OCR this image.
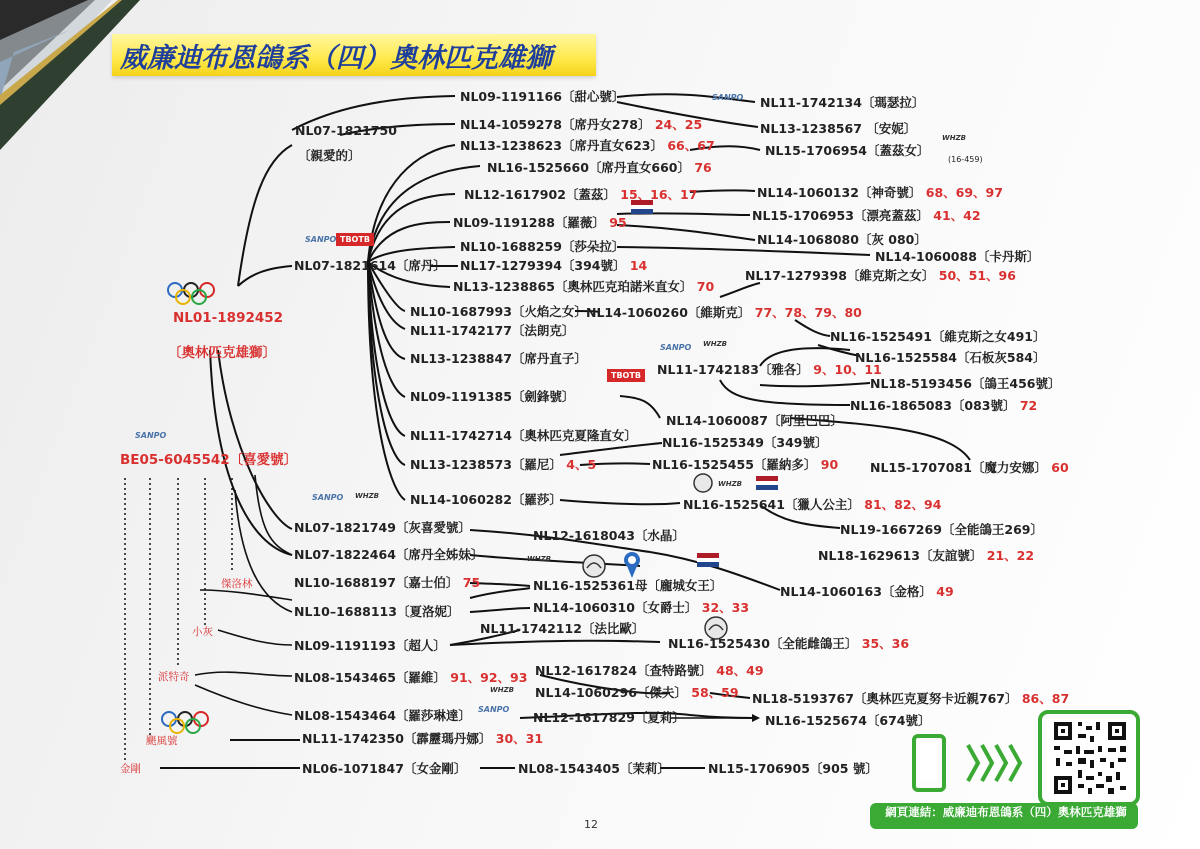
威廉迪布恩鴿系（四）奧林匹克雄獅
SANPO
SANPO
SANPO
SANPO
SANPO
SANPO
WHZB
WHZB
WHZB
WHZB
WHZB
WHZB
TBOTB
TBOTB
NL01-1892452
〔奧林匹克雄獅〕
BE05-6045542〔喜愛號〕
傑洛林
小灰
派特奇
颶風號
金剛
NL07-1821750
〔親愛的〕
NL07-1821614〔席丹〕
NL07-1821749〔灰喜愛號〕
NL07-1822464〔席丹全姊妹〕
NL10-1688197〔嘉士伯〕 75
NL10–1688113〔夏洛妮〕
NL09-1191193〔超人〕
NL08-1543465〔羅維〕 91、92、93
NL08-1543464〔羅莎琳達〕
NL11-1742350〔霹靂瑪丹娜〕 30、31
NL06-1071847〔女金剛〕
NL09-1191166〔甜心號〕
NL14-1059278〔席丹女278〕 24、25
NL13-1238623〔席丹直女623〕 66、67
NL16-1525660〔席丹直女660〕 76
NL12-1617902〔蓋茲〕 15、16、17
NL09-1191288〔羅薇〕 95
NL10-1688259〔莎朵拉〕
NL17-1279394〔394號〕 14
NL13-1238865〔奧林匹克珀諾米直女〕 70
NL10-1687993〔火焰之女〕
NL11-1742177〔法朗克〕
NL13-1238847〔席丹直子〕
NL09-1191385〔劍鋒號〕
NL11-1742714〔奧林匹克夏隆直女〕
NL13-1238573〔羅尼〕 4、5
NL14-1060282〔羅莎〕
NL12-1618043〔水晶〕
NL16-1525361母〔龐城女王〕
NL14-1060310〔女爵士〕 32、33
NL11-1742112〔法比歐〕
NL12-1617824〔查特路號〕 48、49
NL14-1060296〔傑夫〕 58、59
NL12-1617829〔夏莉〕
NL08-1543405〔茉莉〕
NL14-1060260〔維斯克〕 77、78、79、80
NL11-1742183〔雅各〕 9、10、11
NL14-1060087〔阿里巴巴〕
NL16-1525349〔349號〕
NL16-1525455〔羅納多〕 90
NL16-1525641〔獵人公主〕 81、82、94
NL16-1525430〔全能雌鴿王〕 35、36
NL15-1706905〔905 號〕
NL11-1742134〔瑪瑟拉〕
NL13-1238567 〔安妮〕
NL15-1706954〔蓋茲女〕
(16-459)
NL14-1060132〔神奇號〕 68、69、97
NL15-1706953〔漂亮蓋茲〕 41、42
NL14-1068080〔灰 080〕
NL14-1060088〔卡丹斯〕
NL17-1279398〔維克斯之女〕 50、51、96
NL16-1525491〔維克斯之女491〕
NL16-1525584〔石板灰584〕
NL18-5193456〔鴿王456號〕
NL16-1865083〔083號〕 72
NL15-1707081〔魔力安娜〕 60
NL19-1667269〔全能鴿王269〕
NL18-1629613〔友誼號〕 21、22
NL14-1060163〔金格〕 49
NL18-5193767〔奧林匹克夏努卡近親767〕 86、87
NL16-1525674〔674號〕
網頁連結：威廉迪布恩鴿系（四）奧林匹克雄獅
12
